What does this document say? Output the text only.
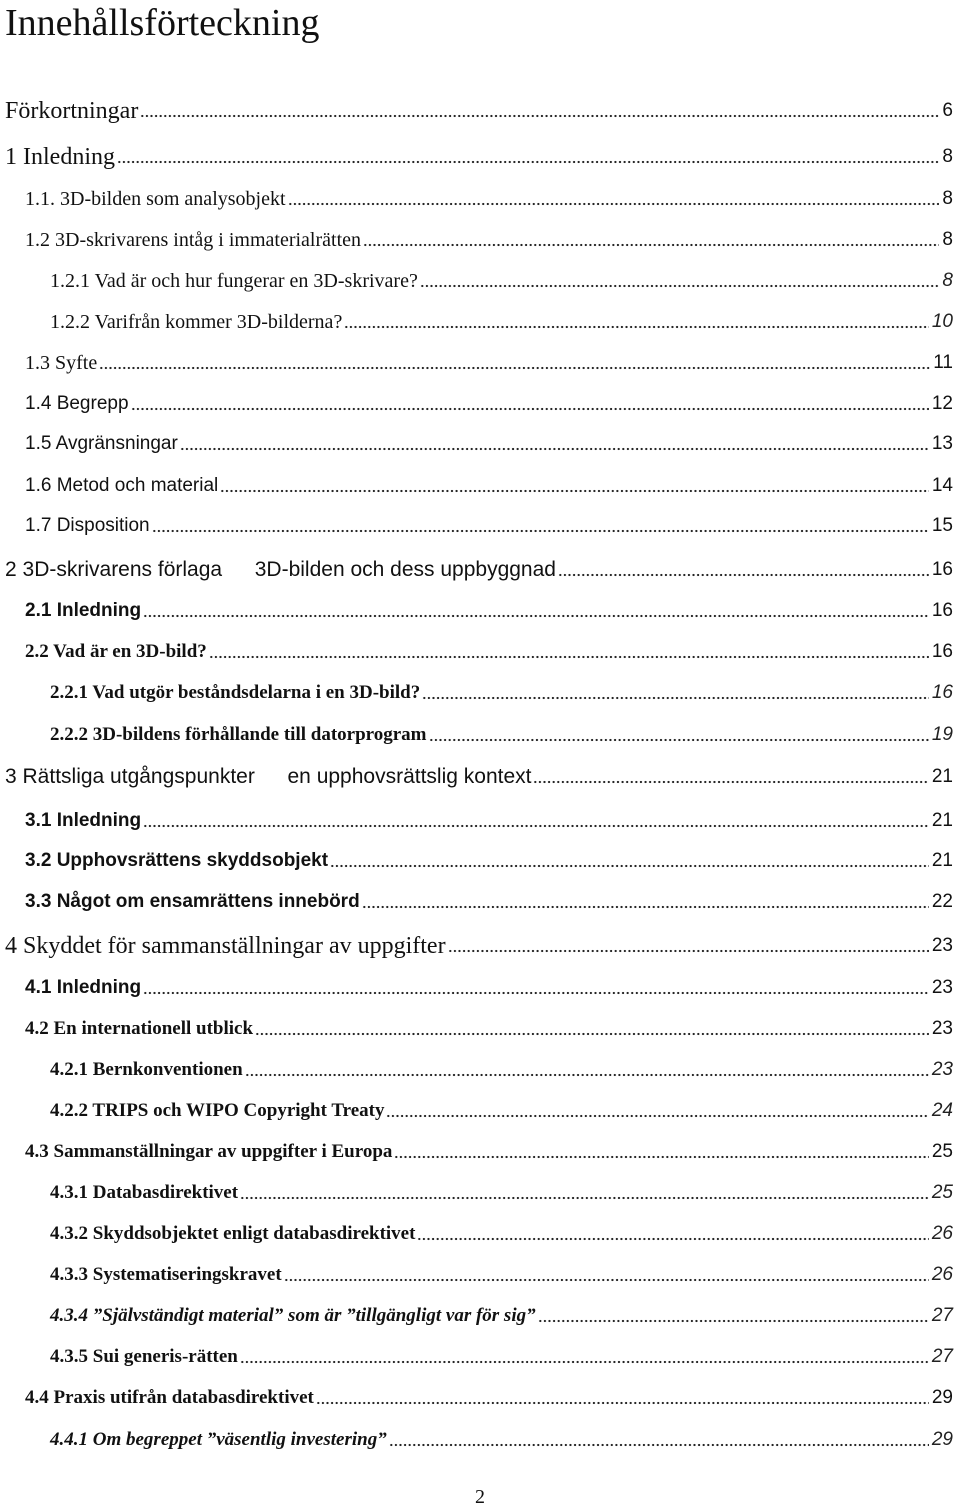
Innehållsförteckning
Förkortningar	6
1 Inledning	8
1.1. 3D-bilden som analysobjekt	8
1.2 3D-skrivarens intåg i immaterialrätten	8
1.2.1 Vad är och hur fungerar en 3D-skrivare?	8
1.2.2 Varifrån kommer 3D-bilderna?	10
1.3 Syfte	11
1.4 Begrepp	12
1.5 Avgränsningar	13
1.6 Metod och material	14
1.7 Disposition	15
2 3D-skrivarens förlaga   3D-bilden och dess uppbyggnad	16
2.1 Inledning	16
2.2 Vad är en 3D-bild?	16
2.2.1 Vad utgör beståndsdelarna i en 3D-bild?	16
2.2.2 3D-bildens förhållande till datorprogram	19
3 Rättsliga utgångspunkter   en upphovsrättslig kontext	21
3.1 Inledning	21
3.2 Upphovsrättens skyddsobjekt	21
3.3 Något om ensamrättens innebörd	22
4 Skyddet för sammanställningar av uppgifter	23
4.1 Inledning	23
4.2 En internationell utblick	23
4.2.1 Bernkonventionen	23
4.2.2 TRIPS och WIPO Copyright Treaty	24
4.3 Sammanställningar av uppgifter i Europa	25
4.3.1 Databasdirektivet	25
4.3.2 Skyddsobjektet enligt databasdirektivet	26
4.3.3 Systematiseringskravet	26
4.3.4 ”Självständigt material” som är ”tillgängligt var för sig”	27
4.3.5 Sui generis-rätten	27
4.4 Praxis utifrån databasdirektivet	29
4.4.1 Om begreppet ”väsentlig investering”	29
2
